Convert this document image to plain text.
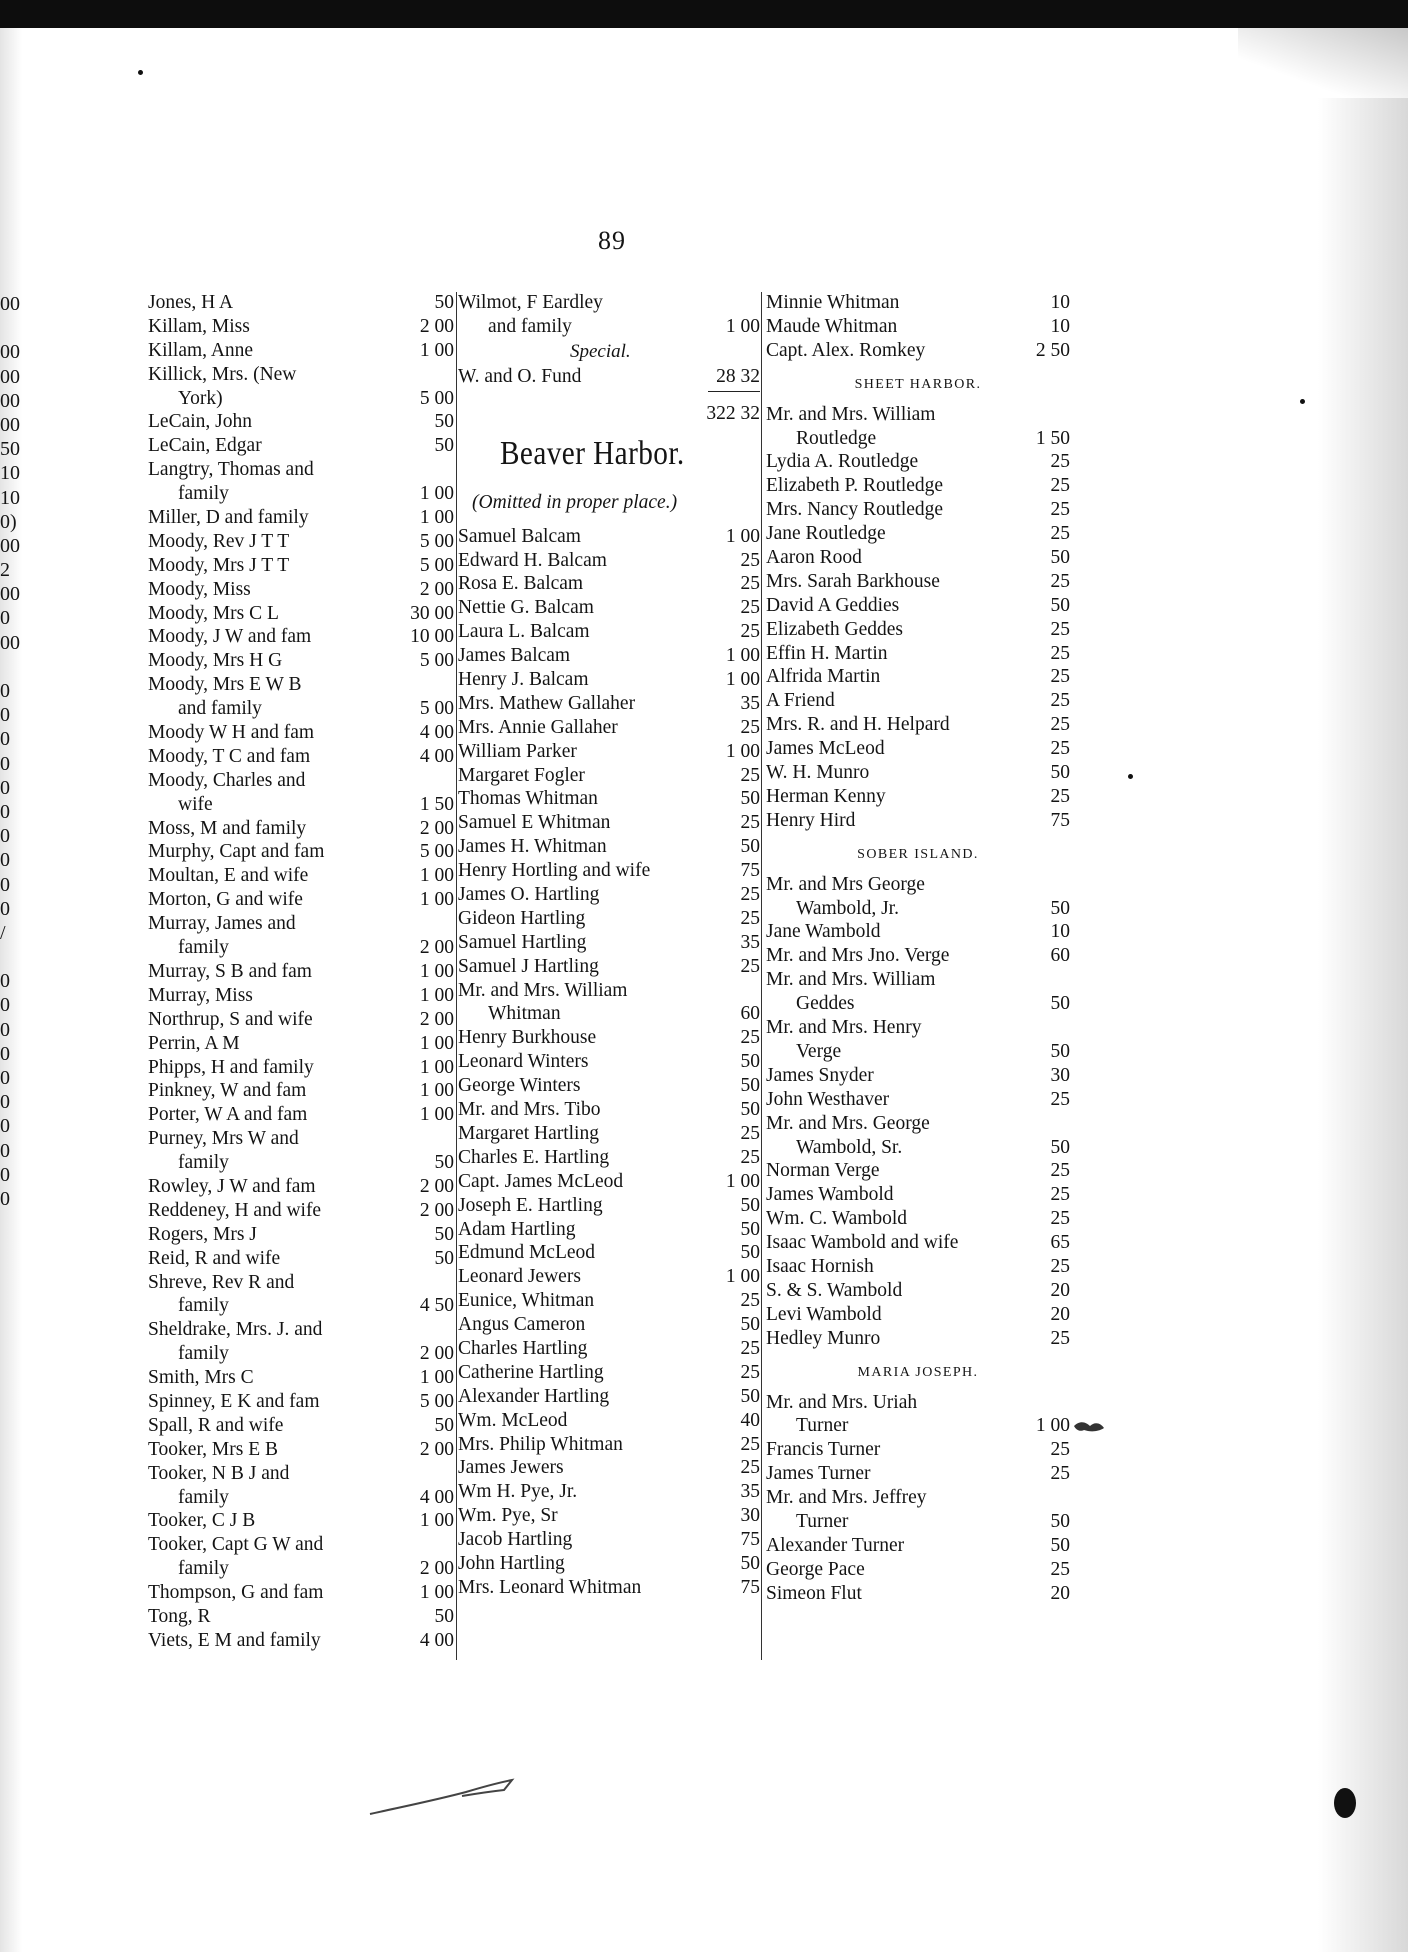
89
00
00
00
00
00
50
10
10
0)
00
2
00
0
00
0
0
0
0
0
0
0
0
0
0
/
0
0
0
0
0
0
0
0
0
0
Jones, H A	50
Killam, Miss	2 00
Killam, Anne	1 00
Killick, Mrs. (New
York)	5 00
LeCain, John	50
LeCain, Edgar	50
Langtry, Thomas and
family	1 00
Miller, D and family	1 00
Moody, Rev J T T	5 00
Moody, Mrs J T T	5 00
Moody, Miss	2 00
Moody, Mrs C L	30 00
Moody, J W and fam	10 00
Moody, Mrs H G	5 00
Moody, Mrs E W B
and family	5 00
Moody W H and fam	4 00
Moody, T C and fam	4 00
Moody, Charles and
wife	1 50
Moss, M and family	2 00
Murphy, Capt and fam	5 00
Moultan, E and wife	1 00
Morton, G and wife	1 00
Murray, James and
family	2 00
Murray, S B and fam	1 00
Murray, Miss	1 00
Northrup, S and wife	2 00
Perrin, A M	1 00
Phipps, H and family	1 00
Pinkney, W and fam	1 00
Porter, W A and fam	1 00
Purney, Mrs W and
family	50
Rowley, J W and fam	2 00
Reddeney, H and wife	2 00
Rogers, Mrs J	50
Reid, R and wife	50
Shreve, Rev R and
family	4 50
Sheldrake, Mrs. J. and
family	2 00
Smith, Mrs C	1 00
Spinney, E K and fam	5 00
Spall, R and wife	50
Tooker, Mrs E B	2 00
Tooker, N B J and
family	4 00
Tooker, C J B	1 00
Tooker, Capt G W and
family	2 00
Thompson, G and fam	1 00
Tong, R	50
Viets, E M and family	4 00
Wilmot, F Eardley
and family	1 00
Special.
W. and O. Fund	28 32
322 32
Beaver Harbor.
(Omitted in proper place.)
Samuel Balcam	1 00
Edward H. Balcam	25
Rosa E. Balcam	25
Nettie G. Balcam	25
Laura L. Balcam	25
James Balcam	1 00
Henry J. Balcam	1 00
Mrs. Mathew Gallaher	35
Mrs. Annie Gallaher	25
William Parker	1 00
Margaret Fogler	25
Thomas Whitman	50
Samuel E Whitman	25
James H. Whitman	50
Henry Hortling and wife	75
James O. Hartling	25
Gideon Hartling	25
Samuel Hartling	35
Samuel J Hartling	25
Mr. and Mrs. William
Whitman	60
Henry Burkhouse	25
Leonard Winters	50
George Winters	50
Mr. and Mrs. Tibo	50
Margaret Hartling	25
Charles E. Hartling	25
Capt. James McLeod	1 00
Joseph E. Hartling	50
Adam Hartling	50
Edmund McLeod	50
Leonard Jewers	1 00
Eunice, Whitman	25
Angus Cameron	50
Charles Hartling	25
Catherine Hartling	25
Alexander Hartling	50
Wm. McLeod	40
Mrs. Philip Whitman	25
James Jewers	25
Wm H. Pye, Jr.	35
Wm. Pye, Sr	30
Jacob Hartling	75
John Hartling	50
Mrs. Leonard Whitman	75
Minnie Whitman	10
Maude Whitman	10
Capt. Alex. Romkey	2 50
SHEET HARBOR.
Mr. and Mrs. William
Routledge	1 50
Lydia A. Routledge	25
Elizabeth P. Routledge	25
Mrs. Nancy Routledge	25
Jane Routledge	25
Aaron Rood	50
Mrs. Sarah Barkhouse	25
David A Geddies	50
Elizabeth Geddes	25
Effin H. Martin	25
Alfrida Martin	25
A Friend	25
Mrs. R. and H. Helpard	25
James McLeod	25
W. H. Munro	50
Herman Kenny	25
Henry Hird	75
SOBER ISLAND.
Mr. and Mrs George
Wambold, Jr.	50
Jane Wambold	10
Mr. and Mrs Jno. Verge	60
Mr. and Mrs. William
Geddes	50
Mr. and Mrs. Henry
Verge	50
James Snyder	30
John Westhaver	25
Mr. and Mrs. George
Wambold, Sr.	50
Norman Verge	25
James Wambold	25
Wm. C. Wambold	25
Isaac Wambold and wife	65
Isaac Hornish	25
S. & S. Wambold	20
Levi Wambold	20
Hedley Munro	25
MARIA JOSEPH.
Mr. and Mrs. Uriah
Turner	1 00
Francis Turner	25
James Turner	25
Mr. and Mrs. Jeffrey
Turner	50
Alexander Turner	50
George Pace	25
Simeon Flut	20
